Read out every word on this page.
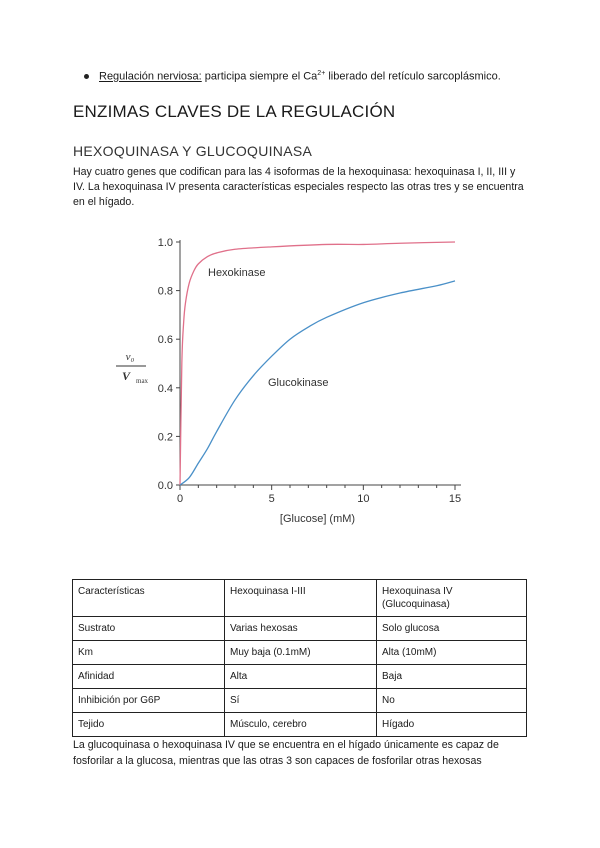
Regulación nerviosa: participa siempre el $Ca^{2+}$ liberado del retículo sarcoplásmico.
ENZIMAS CLAVES DE LA REGULACIÓN
HEXOQUINASA Y GLUCOQUINASA

Hay cuatro genes que codifican para las 4 isoformas de la hexoquinasa: hexoquinasa I, II, III y IV. La hexoquinasa IV presenta características especiales respecto las otras tres y se encuentra en el hígado.

0.0
0.2
0.4
0.6
0.8
1.0
0	5	10	15
[Glucose] (mM)
v₀
V max
Hexokinase
Glucokinase
Características	Hexoquinasa I-III	Hexoquinasa IV (Glucoquinasa)
Sustrato	Varias hexosas	Solo glucosa
Km	Muy baja (0.1mM)	Alta (10mM)
Afinidad	Alta	Baja
Inhibición por G6P	Sí	No
Tejido	Músculo, cerebro	Hígado

La glucoquinasa o hexoquinasa IV que se encuentra en el hígado únicamente es capaz de fosforilar a la glucosa, mientras que las otras 3 son capaces de fosforilar otras hexosas
